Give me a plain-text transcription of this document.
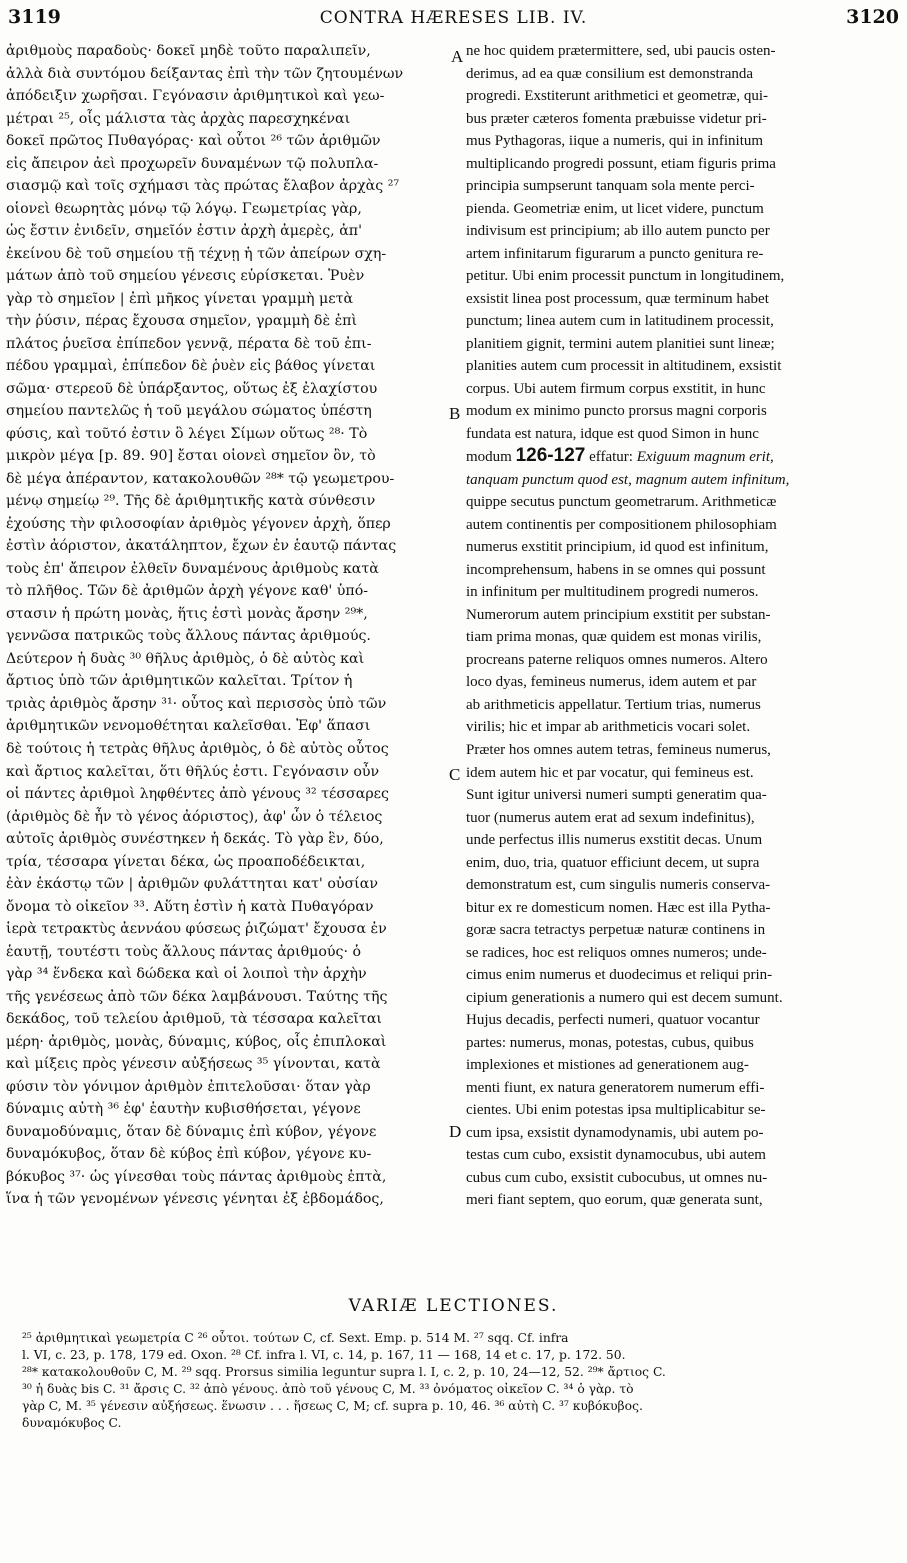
3119	CONTRA HÆRESES LIB. IV.	3120
ἀριθμοὺς παραδοὺς· δοκεῖ μηδὲ τοῦτο παραλιπεῖν,
ἀλλὰ διὰ συντόμου δείξαντας ἐπὶ τὴν τῶν ζητουμένων
ἀπόδειξιν χωρῆσαι. Γεγόνασιν ἀριθμητικοὶ καὶ γεω-
μέτραι ²⁵, οἷς μάλιστα τὰς ἀρχὰς παρεσχηκέναι
δοκεῖ πρῶτος Πυθαγόρας· καὶ οὗτοι ²⁶ τῶν ἀριθμῶν
εἰς ἄπειρον ἀεὶ προχωρεῖν δυναμένων τῷ πολυπλα-
σιασμῷ καὶ τοῖς σχήμασι τὰς πρώτας ἔλαβον ἀρχὰς ²⁷
οἱονεὶ θεωρητὰς μόνῳ τῷ λόγῳ. Γεωμετρίας γὰρ,
ὡς ἔστιν ἐνιδεῖν, σημεῖόν ἐστιν ἀρχὴ ἀμερὲς, ἀπ'
ἐκείνου δὲ τοῦ σημείου τῇ τέχνῃ ἡ τῶν ἀπείρων σχη-
μάτων ἀπὸ τοῦ σημείου γένεσις εὑρίσκεται. Ῥυὲν
γὰρ τὸ σημεῖον | ἐπὶ μῆκος γίνεται γραμμὴ μετὰ
τὴν ῥύσιν, πέρας ἔχουσα σημεῖον, γραμμὴ δὲ ἐπὶ
πλάτος ῥυεῖσα ἐπίπεδον γεννᾷ, πέρατα δὲ τοῦ ἐπι-
πέδου γραμμαὶ, ἐπίπεδον δὲ ῥυὲν εἰς βάθος γίνεται
σῶμα· στερεοῦ δὲ ὑπάρξαντος, οὕτως ἐξ ἐλαχίστου
σημείου παντελῶς ἡ τοῦ μεγάλου σώματος ὑπέστη
φύσις, καὶ τοῦτό ἐστιν ὃ λέγει Σίμων οὕτως ²⁸· Τὸ
μικρὸν μέγα [p. 89. 90] ἔσται οἱονεὶ σημεῖον ὂν, τὸ
δὲ μέγα ἀπέραντον, κατακολουθῶν ²⁸* τῷ γεωμετρου-
μένῳ σημείῳ ²⁹. Τῆς δὲ ἀριθμητικῆς κατὰ σύνθεσιν
ἐχούσης τὴν φιλοσοφίαν ἀριθμὸς γέγονεν ἀρχὴ, ὅπερ
ἐστὶν ἀόριστον, ἀκατάληπτον, ἔχων ἐν ἑαυτῷ πάντας
τοὺς ἐπ' ἄπειρον ἐλθεῖν δυναμένους ἀριθμοὺς κατὰ
τὸ πλῆθος. Τῶν δὲ ἀριθμῶν ἀρχὴ γέγονε καθ' ὑπό-
στασιν ἡ πρώτη μονὰς, ἥτις ἐστὶ μονὰς ἄρσην ²⁹*,
γεννῶσα πατρικῶς τοὺς ἄλλους πάντας ἀριθμούς.
Δεύτερον ἡ δυὰς ³⁰ θῆλυς ἀριθμὸς, ὁ δὲ αὐτὸς καὶ
ἄρτιος ὑπὸ τῶν ἀριθμητικῶν καλεῖται. Τρίτον ἡ
τριὰς ἀριθμὸς ἄρσην ³¹· οὗτος καὶ περισσὸς ὑπὸ τῶν
ἀριθμητικῶν νενομοθέτηται καλεῖσθαι. Ἐφ' ἅπασι
δὲ τούτοις ἡ τετρὰς θῆλυς ἀριθμὸς, ὁ δὲ αὐτὸς οὗτος
καὶ ἄρτιος καλεῖται, ὅτι θῆλύς ἐστι. Γεγόνασιν οὖν
οἱ πάντες ἀριθμοὶ ληφθέντες ἀπὸ γένους ³² τέσσαρες
(ἀριθμὸς δὲ ἦν τὸ γένος ἀόριστος), ἀφ' ὧν ὁ τέλειος
αὐτοῖς ἀριθμὸς συνέστηκεν ἡ δεκάς. Τὸ γὰρ ἓν, δύο,
τρία, τέσσαρα γίνεται δέκα, ὡς προαποδέδεικται,
ἐὰν ἑκάστῳ τῶν | ἀριθμῶν φυλάττηται κατ' οὐσίαν
ὄνομα τὸ οἰκεῖον ³³. Αὕτη ἐστὶν ἡ κατὰ Πυθαγόραν
ἱερὰ τετρακτὺς ἀεννάου φύσεως ῥιζώματ' ἔχουσα ἐν
ἑαυτῇ, τουτέστι τοὺς ἄλλους πάντας ἀριθμούς· ὁ
γὰρ ³⁴ ἕνδεκα καὶ δώδεκα καὶ οἱ λοιποὶ τὴν ἀρχὴν
τῆς γενέσεως ἀπὸ τῶν δέκα λαμβάνουσι. Ταύτης τῆς
δεκάδος, τοῦ τελείου ἀριθμοῦ, τὰ τέσσαρα καλεῖται
μέρη· ἀριθμὸς, μονὰς, δύναμις, κύβος, οἷς ἐπιπλοκαὶ
καὶ μίξεις πρὸς γένεσιν αὐξήσεως ³⁵ γίνονται, κατὰ
φύσιν τὸν γόνιμον ἀριθμὸν ἐπιτελοῦσαι· ὅταν γὰρ
δύναμις αὐτὴ ³⁶ ἐφ' ἑαυτὴν κυβισθήσεται, γέγονε
δυναμοδύναμις, ὅταν δὲ δύναμις ἐπὶ κύβον, γέγονε
δυναμόκυβος, ὅταν δὲ κύβος ἐπὶ κύβον, γέγονε κυ-
βόκυβος ³⁷· ὡς γίνεσθαι τοὺς πάντας ἀριθμοὺς ἑπτὰ,
ἵνα ἡ τῶν γενομένων γένεσις γένηται ἐξ ἑβδομάδος,
ne hoc quidem prætermittere, sed, ubi paucis osten-
derimus, ad ea quæ consilium est demonstranda
progredi. Exstiterunt arithmetici et geometræ, qui-
bus præter cæteros fomenta præbuisse videtur pri-
mus Pythagoras, iique a numeris, qui in infinitum
multiplicando progredi possunt, etiam figuris prima
principia sumpserunt tanquam sola mente perci-
pienda. Geometriæ enim, ut licet videre, punctum
indivisum est principium; ab illo autem puncto per
artem infinitarum figurarum a puncto genitura re-
petitur. Ubi enim processit punctum in longitudinem,
exsistit linea post processum, quæ terminum habet
punctum; linea autem cum in latitudinem processit,
planitiem gignit, termini autem planitiei sunt lineæ;
planities autem cum processit in altitudinem, exsistit
corpus. Ubi autem firmum corpus exstitit, in hunc
modum ex minimo puncto prorsus magni corporis
fundata est natura, idque est quod Simon in hunc
modum 126-127 effatur: Exiguum magnum erit,
tanquam punctum quod est, magnum autem infinitum,
quippe secutus punctum geometrarum. Arithmeticæ
autem continentis per compositionem philosophiam
numerus exstitit principium, id quod est infinitum,
incomprehensum, habens in se omnes qui possunt
in infinitum per multitudinem progredi numeros.
Numerorum autem principium exstitit per substan-
tiam prima monas, quæ quidem est monas virilis,
procreans paterne reliquos omnes numeros. Altero
loco dyas, femineus numerus, idem autem et par
ab arithmeticis appellatur. Tertium trias, numerus
virilis; hic et impar ab arithmeticis vocari solet.
Præter hos omnes autem tetras, femineus numerus,
idem autem hic et par vocatur, qui femineus est.
Sunt igitur universi numeri sumpti generatim qua-
tuor (numerus autem erat ad sexum indefinitus),
unde perfectus illis numerus exstitit decas. Unum
enim, duo, tria, quatuor efficiunt decem, ut supra
demonstratum est, cum singulis numeris conserva-
bitur ex re domesticum nomen. Hæc est illa Pytha-
goræ sacra tetractys perpetuæ naturæ continens in
se radices, hoc est reliquos omnes numeros; unde-
cimus enim numerus et duodecimus et reliqui prin-
cipium generationis a numero qui est decem sumunt.
Hujus decadis, perfecti numeri, quatuor vocantur
partes: numerus, monas, potestas, cubus, quibus
implexiones et mistiones ad generationem aug-
menti fiunt, ex natura generatorem numerum effi-
cientes. Ubi enim potestas ipsa multiplicabitur se-
cum ipsa, exsistit dynamodynamis, ubi autem po-
testas cum cubo, exsistit dynamocubus, ubi autem
cubus cum cubo, exsistit cubocubus, ut omnes nu-
meri fiant septem, quo eorum, quæ generata sunt,
A
B
C
D
VARIÆ LECTIONES.
²⁵ ἀριθμητικαὶ γεωμετρία C ²⁶ οὗτοι. τούτων C, cf. Sext. Emp. p. 514 M. ²⁷ sqq. Cf. infra
l. VI, c. 23, p. 178, 179 ed. Oxon. ²⁸ Cf. infra l. VI, c. 14, p. 167, 11 — 168, 14 et c. 17, p. 172. 50.
²⁸* κατακολουθοῦν C, M. ²⁹ sqq. Prorsus similia leguntur supra l. I, c. 2, p. 10, 24—12, 52. ²⁹* ἄρτιος C.
³⁰ ἡ δυὰς bis C. ³¹ ἄρσις C. ³² ἀπὸ γένους. ἀπὸ τοῦ γένους C, M. ³³ ὀνόματος οἰκεῖον C. ³⁴ ὁ γὰρ. τὸ
γὰρ C, M. ³⁵ γένεσιν αὐξήσεως. ἕνωσιν . . . ἥσεως C, M; cf. supra p. 10, 46. ³⁶ αὐτὴ C. ³⁷ κυβόκυβος.
δυναμόκυβος C.
